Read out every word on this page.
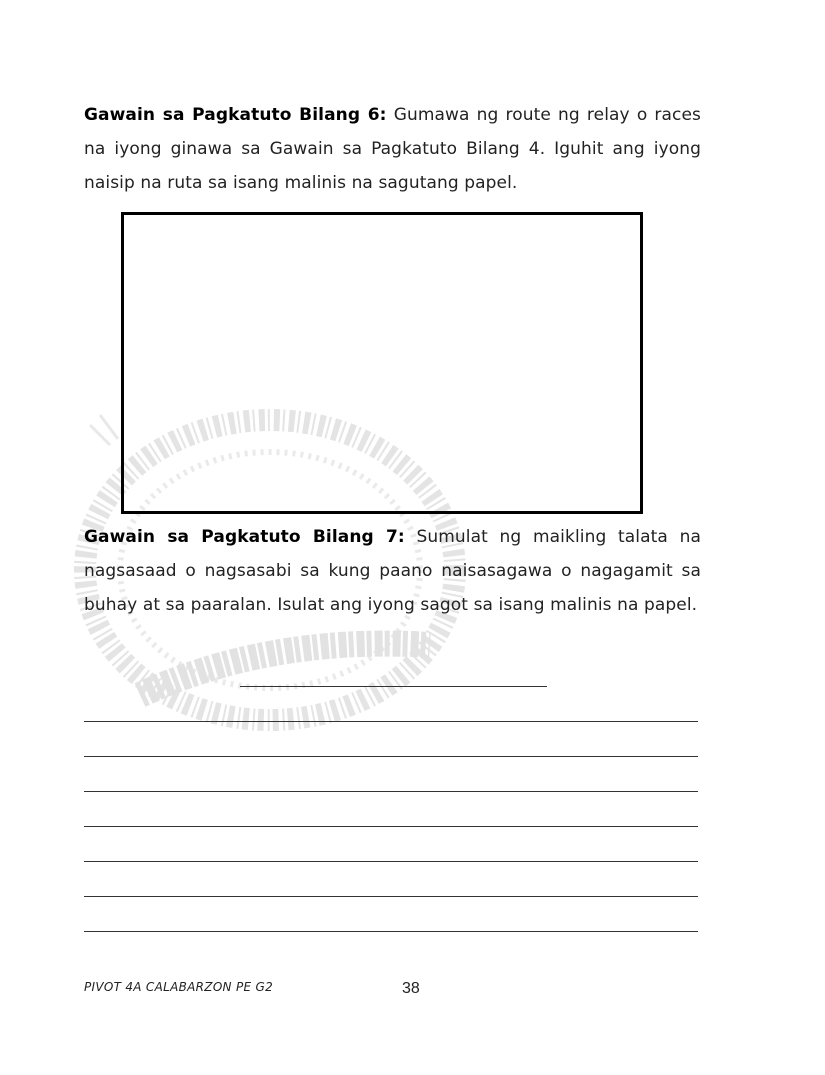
Gawain sa Pagkatuto Bilang 6: Gumawa ng route ng relay o races na iyong ginawa sa Gawain sa Pagkatuto Bilang 4. Iguhit ang iyong naisip na ruta sa isang malinis na sagutang papel.
Gawain sa Pagkatuto Bilang 7: Sumulat ng maikling talata na nagsasaad o nagsasabi sa kung paano naisasagawa o nagagamit sa buhay at sa paaralan. Isulat ang iyong sagot sa isang malinis na papel.
PIVOT 4A CALABARZON PE G2	38
